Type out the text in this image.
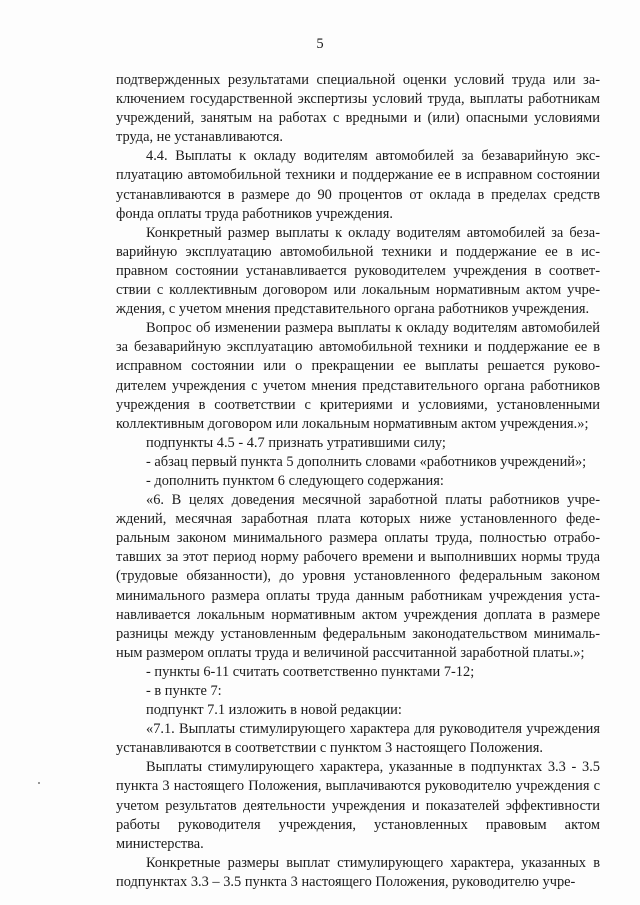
5

подтвержденных результатами специальной оценки условий труда или заключением государственной экспертизы условий труда, выплаты работникам учреждений, занятым на работах с вредными и (или) опасными условиями труда, не устанавливаются.

4.4. Выплаты к окладу водителям автомобилей за безаварийную эксплуатацию автомобильной техники и поддержание ее в исправном состоянии устанавливаются в размере до 90 процентов от оклада в пределах средств фонда оплаты труда работников учреждения.

Конкретный размер выплаты к окладу водителям автомобилей за безаварийную эксплуатацию автомобильной техники и поддержание ее в исправном состоянии устанавливается руководителем учреждения в соответствии с коллективным договором или локальным нормативным актом учреждения, с учетом мнения представительного органа работников учреждения.

Вопрос об изменении размера выплаты к окладу водителям автомобилей за безаварийную эксплуатацию автомобильной техники и поддержание ее в исправном состоянии или о прекращении ее выплаты решается руководителем учреждения с учетом мнения представительного органа работников учреждения в соответствии с критериями и условиями, установленными коллективным договором или локальным нормативным актом учреждения.»;

подпункты 4.5 - 4.7 признать утратившими силу;

- абзац первый пункта 5 дополнить словами «работников учреждений»;

- дополнить пунктом 6 следующего содержания:

«6. В целях доведения месячной заработной платы работников учреждений, месячная заработная плата которых ниже установленного федеральным законом минимального размера оплаты труда, полностью отработавших за этот период норму рабочего времени и выполнивших нормы труда (трудовые обязанности), до уровня установленного федеральным законом минимального размера оплаты труда данным работникам учреждения устанавливается локальным нормативным актом учреждения доплата в размере разницы между установленным федеральным законодательством минимальным размером оплаты труда и величиной рассчитанной заработной платы.»;

- пункты 6-11 считать соответственно пунктами 7-12;

- в пункте 7:

подпункт 7.1 изложить в новой редакции:

«7.1. Выплаты стимулирующего характера для руководителя учреждения устанавливаются в соответствии с пунктом 3 настоящего Положения.

Выплаты стимулирующего характера, указанные в подпунктах 3.3 - 3.5 пункта 3 настоящего Положения, выплачиваются руководителю учреждения с учетом результатов деятельности учреждения и показателей эффективности работы руководителя учреждения, установленных правовым актом министерства.

Конкретные размеры выплат стимулирующего характера, указанных в подпунктах 3.3 – 3.5 пункта 3 настоящего Положения, руководителю учре-
